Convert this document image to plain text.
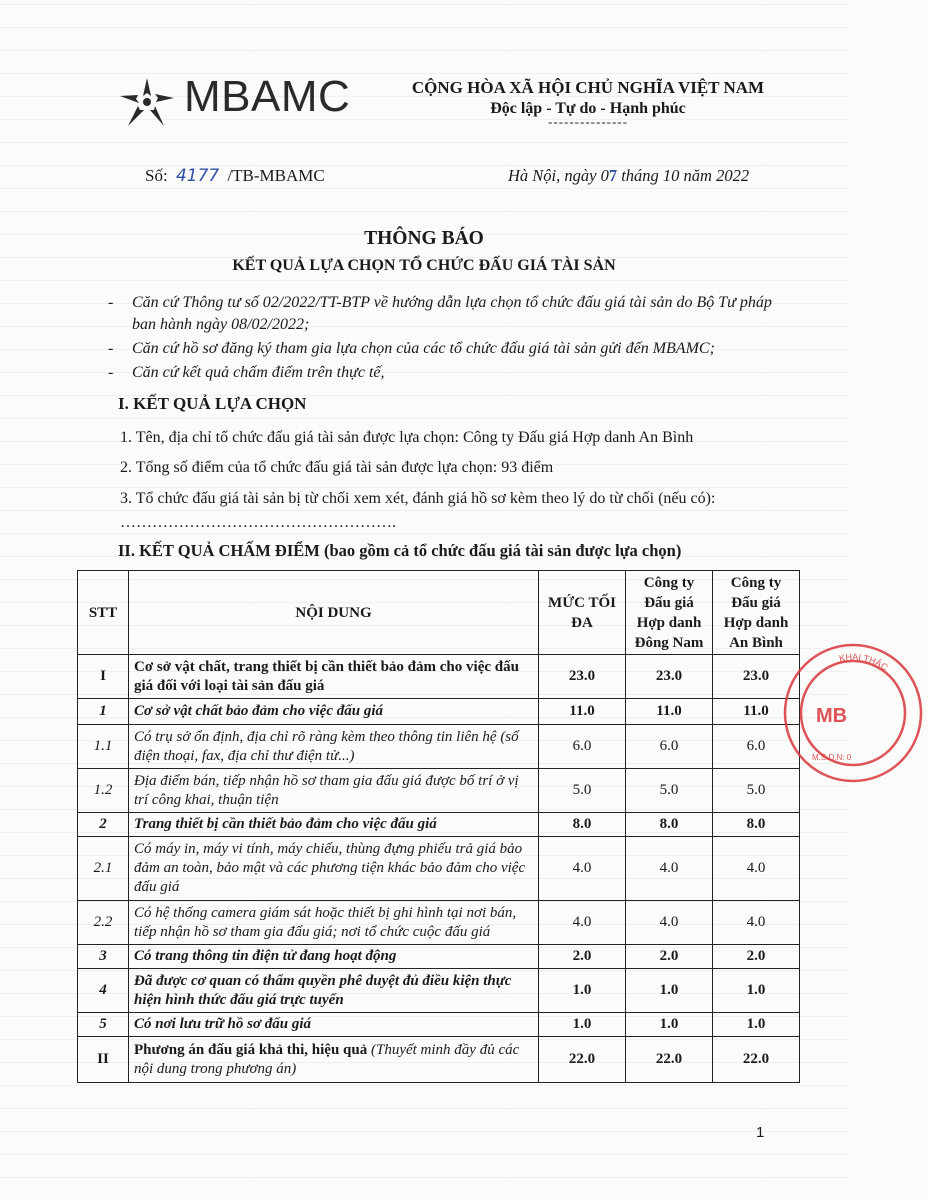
MBAMC	CỘNG HÒA XÃ HỘI CHỦ NGHĨA VIỆT NAM
Độc lập - Tự do - Hạnh phúc
---------------
Số: 4177 /TB-MBAMC	Hà Nội, ngày 07 tháng 10 năm 2022
THÔNG BÁO
KẾT QUẢ LỰA CHỌN TỔ CHỨC ĐẤU GIÁ TÀI SẢN
- Căn cứ Thông tư số 02/2022/TT-BTP về hướng dẫn lựa chọn tổ chức đấu giá tài sản do Bộ Tư pháp ban hành ngày 08/02/2022;
- Căn cứ hồ sơ đăng ký tham gia lựa chọn của các tổ chức đấu giá tài sản gửi đến MBAMC;
- Căn cứ kết quả chấm điểm trên thực tế,
I. KẾT QUẢ LỰA CHỌN
1. Tên, địa chỉ tổ chức đấu giá tài sản được lựa chọn: Công ty Đấu giá Hợp danh An Bình
2. Tổng số điểm của tổ chức đấu giá tài sản được lựa chọn: 93 điểm
3. Tổ chức đấu giá tài sản bị từ chối xem xét, đánh giá hồ sơ kèm theo lý do từ chối (nếu có): …………………………………………….
II. KẾT QUẢ CHẤM ĐIỂM (bao gồm cả tổ chức đấu giá tài sản được lựa chọn)
STT	NỘI DUNG	MỨC TỐI ĐA	Công ty Đấu giá Hợp danh Đông Nam	Công ty Đấu giá Hợp danh An Bình
I	Cơ sở vật chất, trang thiết bị cần thiết bảo đảm cho việc đấu giá đối với loại tài sản đấu giá	23.0	23.0	23.0
1	Cơ sở vật chất bảo đảm cho việc đấu giá	11.0	11.0	11.0
1.1	Có trụ sở ổn định, địa chỉ rõ ràng kèm theo thông tin liên hệ (số điện thoại, fax, địa chỉ thư điện tử...)	6.0	6.0	6.0
1.2	Địa điểm bán, tiếp nhận hồ sơ tham gia đấu giá được bố trí ở vị trí công khai, thuận tiện	5.0	5.0	5.0
2	Trang thiết bị cần thiết bảo đảm cho việc đấu giá	8.0	8.0	8.0
2.1	Có máy in, máy vi tính, máy chiếu, thùng đựng phiếu trả giá bảo đảm an toàn, bảo mật và các phương tiện khác bảo đảm cho việc đấu giá	4.0	4.0	4.0
2.2	Có hệ thống camera giám sát hoặc thiết bị ghi hình tại nơi bán, tiếp nhận hồ sơ tham gia đấu giá; nơi tổ chức cuộc đấu giá	4.0	4.0	4.0
3	Có trang thông tin điện tử đang hoạt động	2.0	2.0	2.0
4	Đã được cơ quan có thẩm quyền phê duyệt đủ điều kiện thực hiện hình thức đấu giá trực tuyến	1.0	1.0	1.0
5	Có nơi lưu trữ hồ sơ đấu giá	1.0	1.0	1.0
II	Phương án đấu giá khả thi, hiệu quả (Thuyết minh đầy đủ các nội dung trong phương án)	22.0	22.0	22.0
1
KHAI THÁC
MB
M.S.D.N: 0
